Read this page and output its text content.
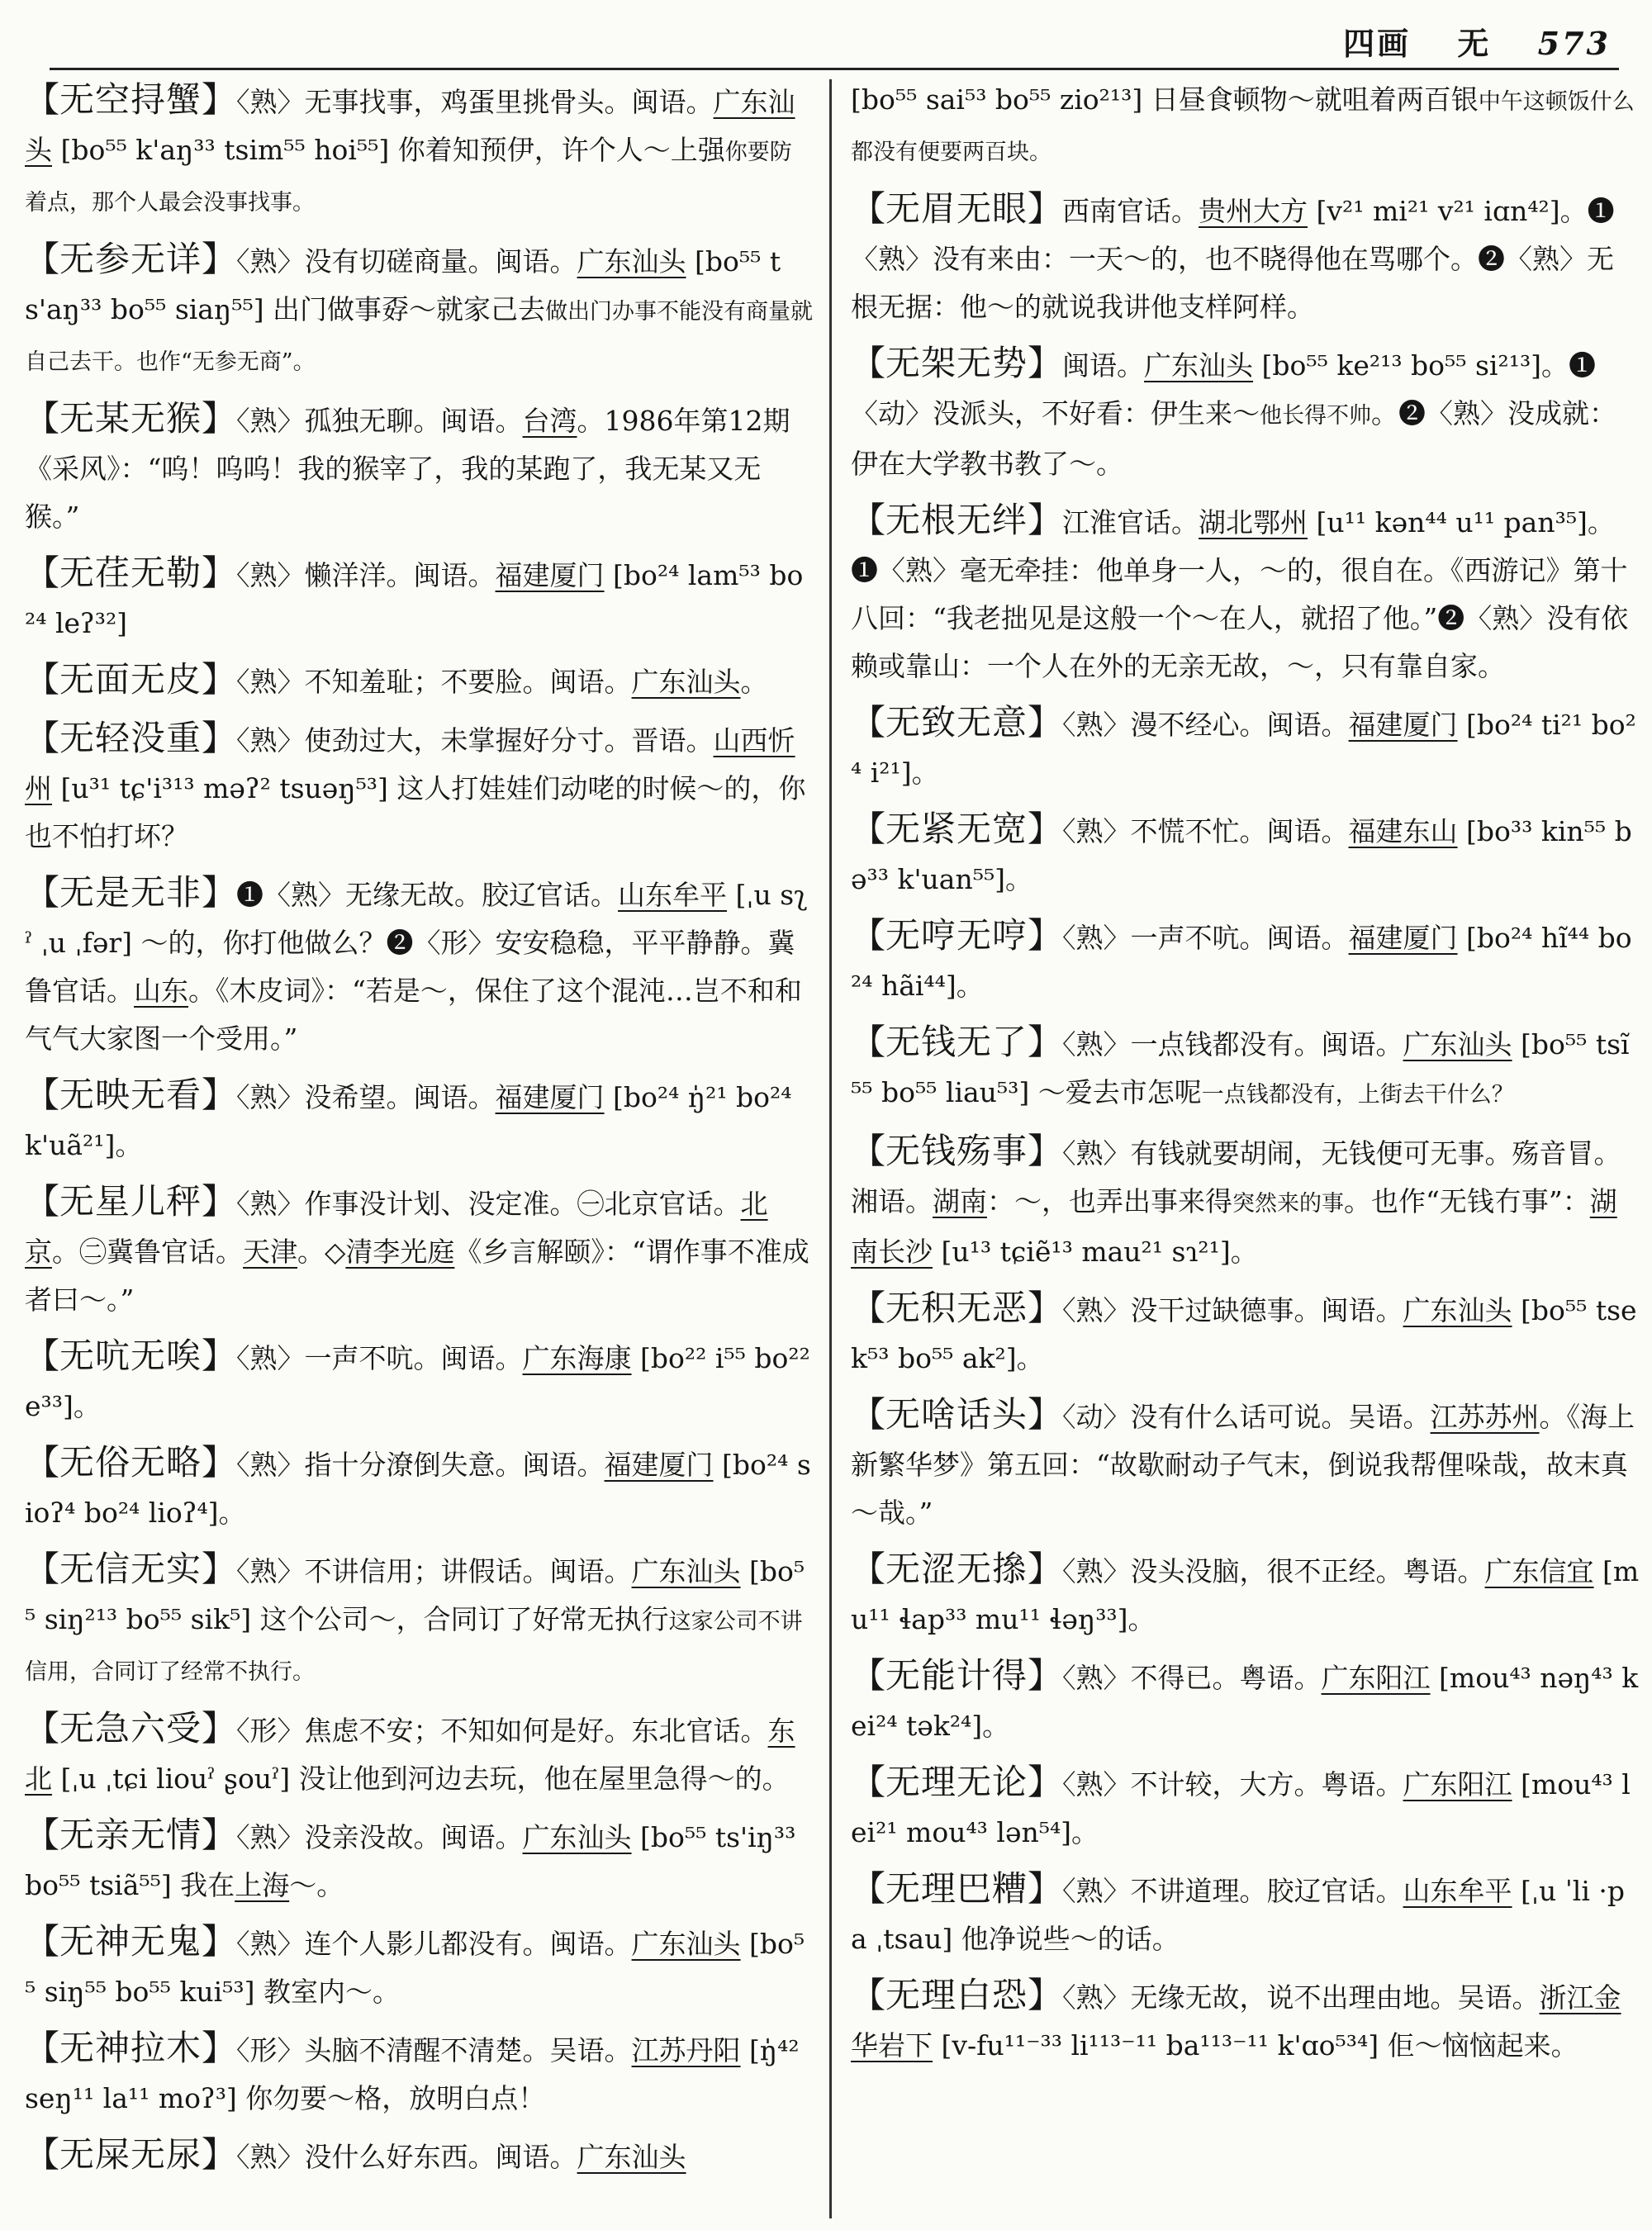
四画 无 573
【无空挦蟹】〈熟〉无事找事，鸡蛋里挑骨头。闽语。广东汕头 [bo⁵⁵ k'aŋ³³ tsim⁵⁵ hoi⁵⁵] 你着知预伊，许个人～上强你要防着点，那个人最会没事找事。
【无参无详】〈熟〉没有切磋商量。闽语。广东汕头 [bo⁵⁵ ts'aŋ³³ bo⁵⁵ siaŋ⁵⁵] 出门做事孬～就家己去做出门办事不能没有商量就自己去干。也作“无参无商”。
【无某无猴】〈熟〉孤独无聊。闽语。台湾。1986年第12期《采风》：“呜！呜呜！我的猴宰了，我的某跑了，我无某又无猴。”
【无荏无勒】〈熟〉懒洋洋。闽语。福建厦门 [bo²⁴ lam⁵³ bo²⁴ leʔ³²]
【无面无皮】〈熟〉不知羞耻；不要脸。闽语。广东汕头。
【无轻没重】〈熟〉使劲过大，未掌握好分寸。晋语。山西忻州 [u³¹ tɕ'i³¹³ məʔ² tsuəŋ⁵³] 这人打娃娃们动咾的时候～的，你也不怕打坏？
【无是无非】❶〈熟〉无缘无故。胶辽官话。山东牟平 [ˌu sʅˀ ˌu ˌfər] ～的，你打他做么？❷〈形〉安安稳稳，平平静静。冀鲁官话。山东。《木皮词》：“若是～，保住了这个混沌…岂不和和气气大家图一个受用。”
【无映无看】〈熟〉没希望。闽语。福建厦门 [bo²⁴ ŋ̍²¹ bo²⁴ k'uã²¹]。
【无星儿秤】〈熟〉作事没计划、没定准。㊀北京官话。北京。㊁冀鲁官话。天津。◇清李光庭《乡言解颐》：“谓作事不准成者曰～。”
【无吭无唉】〈熟〉一声不吭。闽语。广东海康 [bo²² i⁵⁵ bo²² e³³]。
【无俗无略】〈熟〉指十分潦倒失意。闽语。福建厦门 [bo²⁴ sioʔ⁴ bo²⁴ lioʔ⁴]。
【无信无实】〈熟〉不讲信用；讲假话。闽语。广东汕头 [bo⁵⁵ siŋ²¹³ bo⁵⁵ sik⁵] 这个公司～，合同订了好常无执行这家公司不讲信用，合同订了经常不执行。
【无急六受】〈形〉焦虑不安；不知如何是好。东北官话。东北 [ˌu ˌtɕi liouˀ ʂouˀ] 没让他到河边去玩，他在屋里急得～的。
【无亲无情】〈熟〉没亲没故。闽语。广东汕头 [bo⁵⁵ ts'iŋ³³ bo⁵⁵ tsiã⁵⁵] 我在上海～。
【无神无鬼】〈熟〉连个人影儿都没有。闽语。广东汕头 [bo⁵⁵ siŋ⁵⁵ bo⁵⁵ kui⁵³] 教室内～。
【无神拉木】〈形〉头脑不清醒不清楚。吴语。江苏丹阳 [ŋ̍⁴² seŋ¹¹ la¹¹ moʔ³] 你勿要～格，放明白点！
【无屎无尿】〈熟〉没什么好东西。闽语。广东汕头
[bo⁵⁵ sai⁵³ bo⁵⁵ zio²¹³] 日昼食顿物～就咀着两百银中午这顿饭什么都没有便要两百块。
【无眉无眼】西南官话。贵州大方 [v²¹ mi²¹ v²¹ iɑn⁴²]。❶〈熟〉没有来由：一天～的，也不晓得他在骂哪个。❷〈熟〉无根无据：他～的就说我讲他支样阿样。
【无架无势】闽语。广东汕头 [bo⁵⁵ ke²¹³ bo⁵⁵ si²¹³]。❶〈动〉没派头，不好看：伊生来～他长得不帅。❷〈熟〉没成就：伊在大学教书教了～。
【无根无绊】江淮官话。湖北鄂州 [u¹¹ kən⁴⁴ u¹¹ pan³⁵]。❶〈熟〉毫无牵挂：他单身一人，～的，很自在。《西游记》第十八回：“我老拙见是这般一个～在人，就招了他。”❷〈熟〉没有依赖或靠山：一个人在外的无亲无故，～，只有靠自家。
【无致无意】〈熟〉漫不经心。闽语。福建厦门 [bo²⁴ ti²¹ bo²⁴ i²¹]。
【无紧无宽】〈熟〉不慌不忙。闽语。福建东山 [bo³³ kin⁵⁵ bə³³ k'uan⁵⁵]。
【无哼无哼】〈熟〉一声不吭。闽语。福建厦门 [bo²⁴ hĩ⁴⁴ bo²⁴ hãi⁴⁴]。
【无钱无了】〈熟〉一点钱都没有。闽语。广东汕头 [bo⁵⁵ tsĩ⁵⁵ bo⁵⁵ liau⁵³] ～爱去市怎呢一点钱都没有，上街去干什么？
【无钱殇事】〈熟〉有钱就要胡闹，无钱便可无事。殇音冒。湘语。湖南：～，也弄出事来得突然来的事。也作“无钱冇事”：湖南长沙 [u¹³ tɕiẽ¹³ mau²¹ sɿ²¹]。
【无积无恶】〈熟〉没干过缺德事。闽语。广东汕头 [bo⁵⁵ tsek⁵³ bo⁵⁵ ak²]。
【无啥话头】〈动〉没有什么话可说。吴语。江苏苏州。《海上新繁华梦》第五回：“故歇耐动子气末，倒说我帮俚哚哉，故末真～哉。”
【无涩无撡】〈熟〉没头没脑，很不正经。粤语。广东信宜 [mu¹¹ ɬap³³ mu¹¹ ɬəŋ³³]。
【无能计得】〈熟〉不得已。粤语。广东阳江 [mou⁴³ nəŋ⁴³ kei²⁴ tək²⁴]。
【无理无论】〈熟〉不计较，大方。粤语。广东阳江 [mou⁴³ lei²¹ mou⁴³ lən⁵⁴]。
【无理巴糟】〈熟〉不讲道理。胶辽官话。山东牟平 [ˌu ˈli ·pa ˌtsau] 他净说些～的话。
【无理白恐】〈熟〉无缘无故，说不出理由地。吴语。浙江金华岩下 [v-fu¹¹⁻³³ li¹¹³⁻¹¹ ba¹¹³⁻¹¹ k'ɑo⁵³⁴] 佢～恼恼起来。
